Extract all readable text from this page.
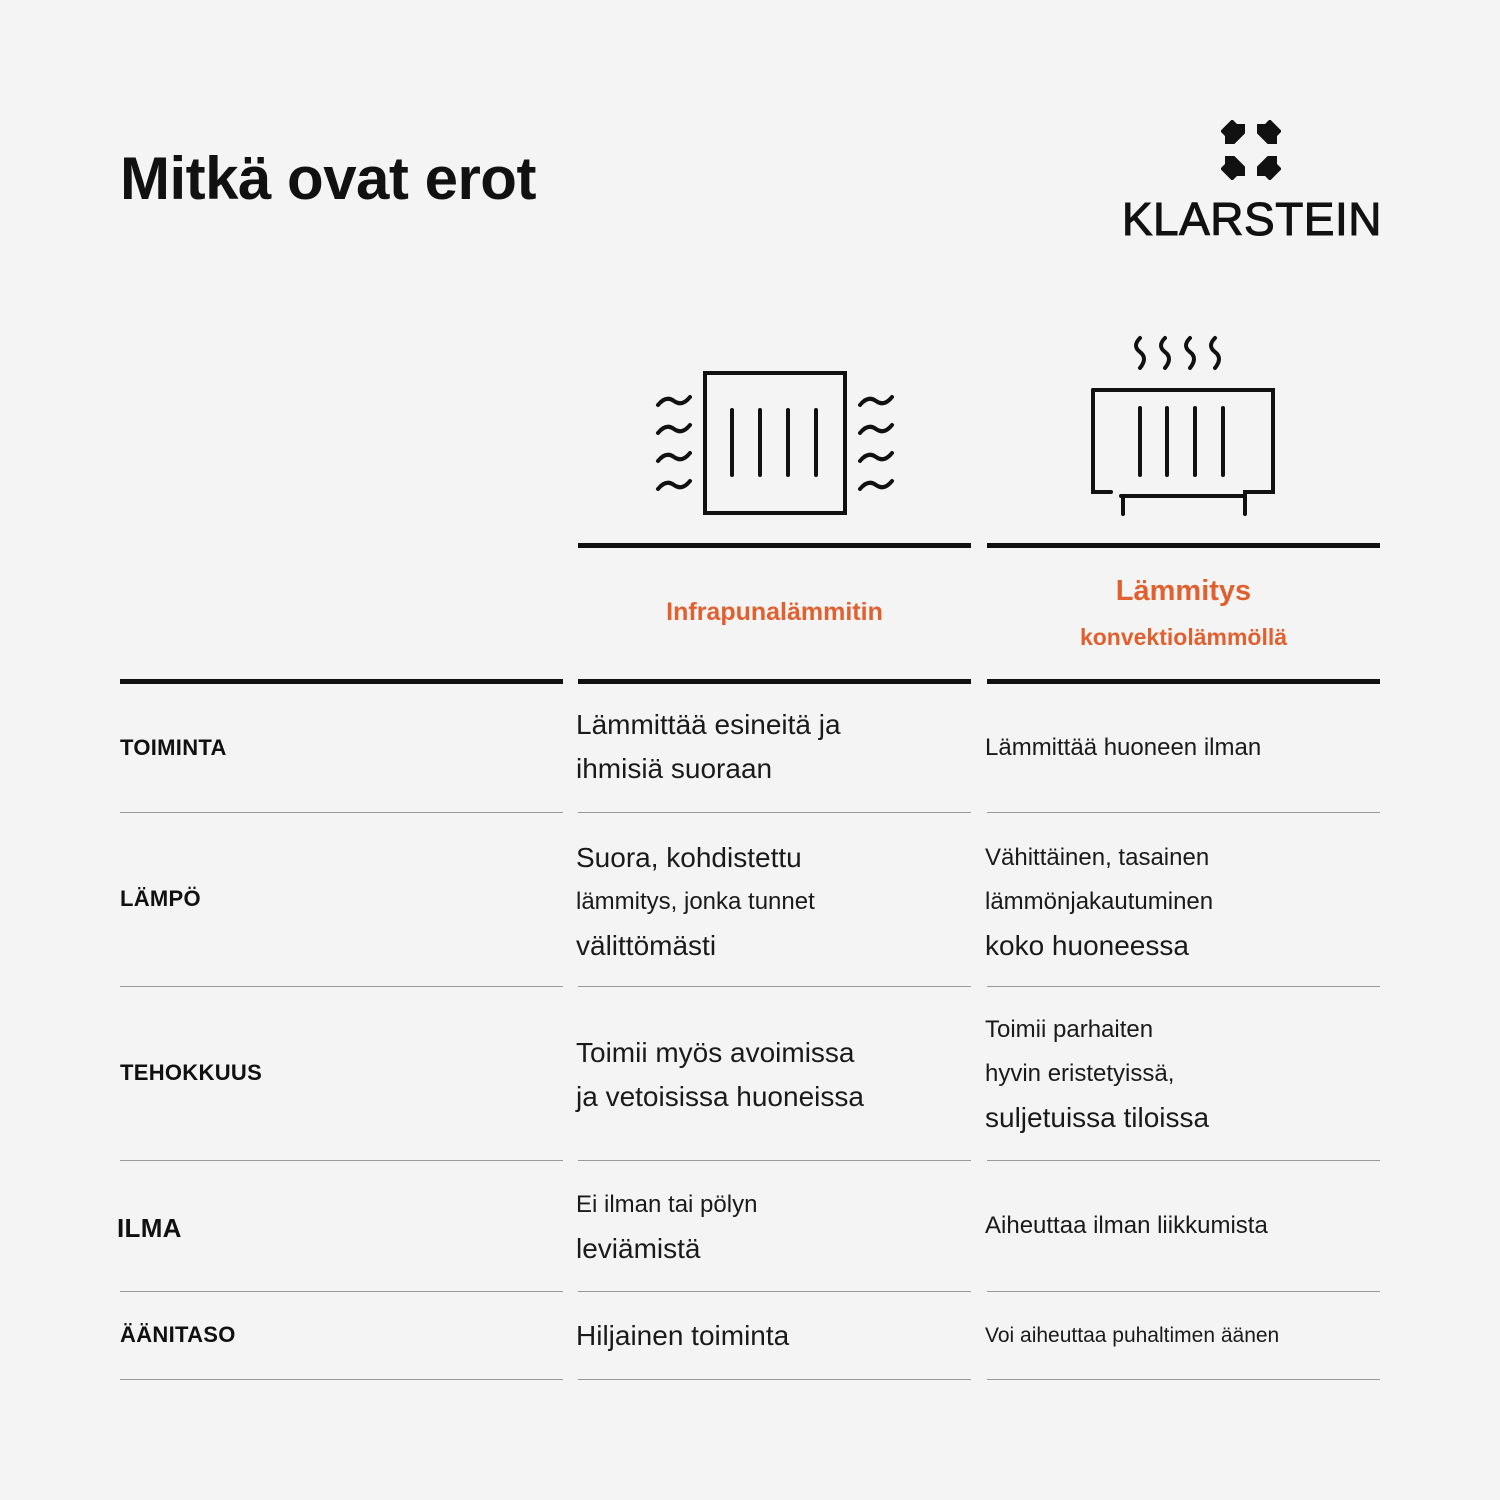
Mitkä ovat erot
KLARSTEIN
Infrapunalämmitin
Lämmitys
konvektiolämmöllä
TOIMINTA
Lämmittää esineitä ja
ihmisiä suoraan
Lämmittää huoneen ilman
LÄMPÖ
Suora, kohdistettu
lämmitys, jonka tunnet
välittömästi
Vähittäinen, tasainen
lämmönjakautuminen
koko huoneessa
TEHOKKUUS
Toimii myös avoimissa
ja vetoisissa huoneissa
Toimii parhaiten
hyvin eristetyissä,
suljetuissa tiloissa
ILMA
Ei ilman tai pölyn
leviämistä
Aiheuttaa ilman liikkumista
ÄÄNITASO	Hiljainen toiminta	Voi aiheuttaa puhaltimen äänen
